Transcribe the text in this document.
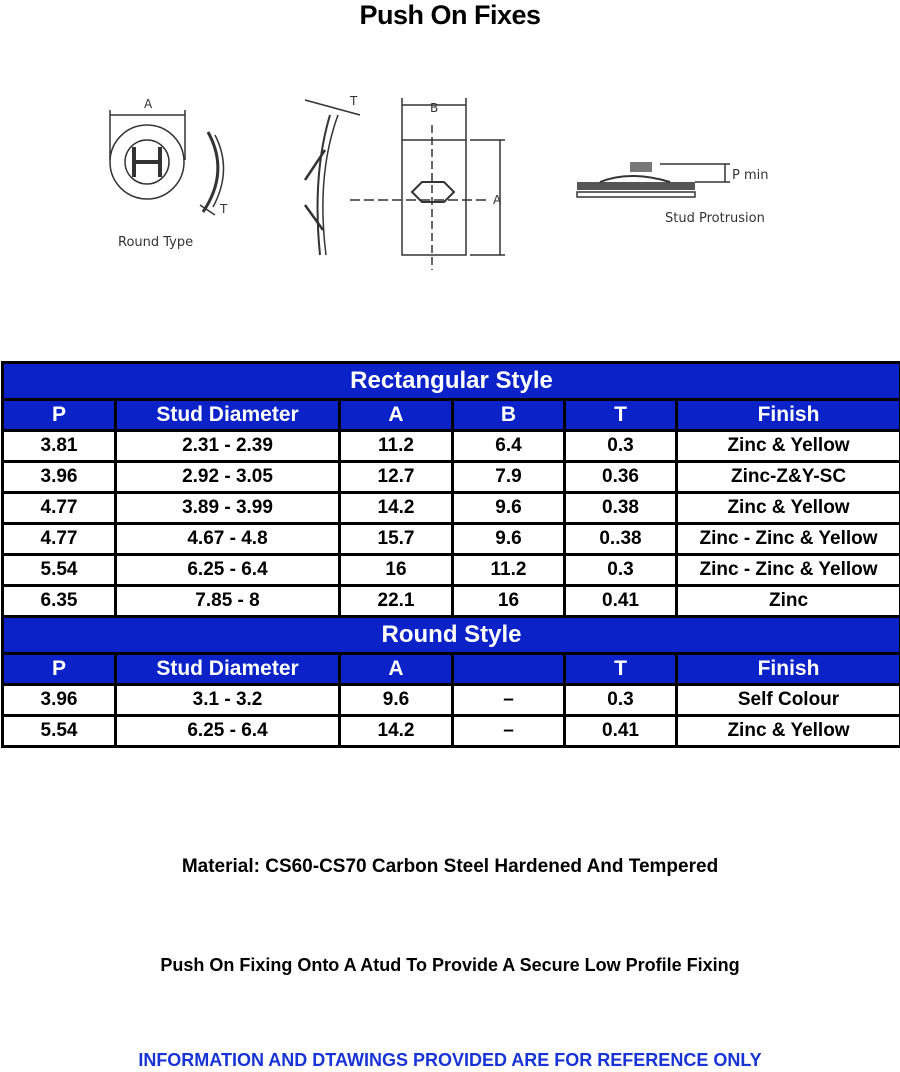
Push On Fixes
A
T
Round Type
T	B
A
P min
Stud Protrusion
Rectangular Style					
P	Stud Diameter	A	B	T	Finish
3.81	2.31 - 2.39	11.2	6.4	0.3	Zinc & Yellow
3.96	2.92 - 3.05	12.7	7.9	0.36	Zinc-Z&Y-SC
4.77	3.89 - 3.99	14.2	9.6	0.38	Zinc & Yellow
4.77	4.67 - 4.8	15.7	9.6	0..38	Zinc - Zinc & Yellow
5.54	6.25 - 6.4	16	11.2	0.3	Zinc - Zinc & Yellow
6.35	7.85 - 8	22.1	16	0.41	Zinc
Round Style					
P	Stud Diameter	A		T	Finish
3.96	3.1 - 3.2	9.6	–	0.3	Self Colour
5.54	6.25 - 6.4	14.2	–	0.41	Zinc & Yellow
Material: CS60-CS70 Carbon Steel Hardened And Tempered
Push On Fixing Onto A Atud To Provide A Secure Low Profile Fixing
INFORMATION AND DTAWINGS PROVIDED ARE FOR REFERENCE ONLY
